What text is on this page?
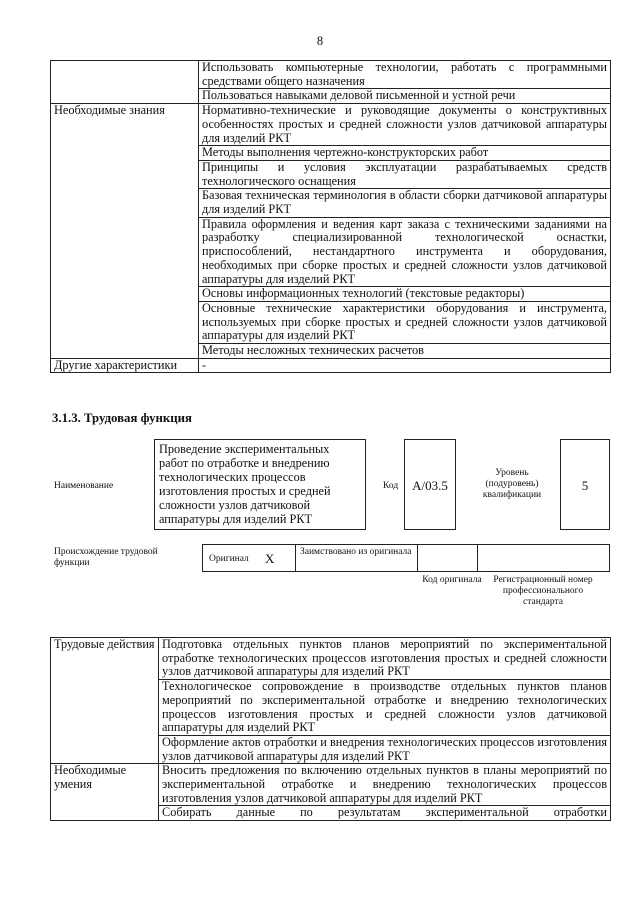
8
	Использовать компьютерные технологии, работать с программными средствами общего назначения
	Пользоваться навыками деловой письменной и устной речи
Необходимые знания	Нормативно-технические и руководящие документы о конструктивных особенностях простых и средней сложности узлов датчиковой аппаратуры для изделий РКТ
	Методы выполнения чертежно-конструкторских работ
	Принципы и условия эксплуатации разрабатываемых средств технологического оснащения
	Базовая техническая терминология в области сборки датчиковой аппаратуры для изделий РКТ
	Правила оформления и ведения карт заказа с техническими заданиями на разработку специализированной технологической оснастки, приспособлений, нестандартного инструмента и оборудования, необходимых при сборке простых и средней сложности узлов датчиковой аппаратуры для изделий РКТ
	Основы информационных технологий (текстовые редакторы)
	Основные технические характеристики оборудования и инструмента, используемых при сборке простых и средней сложности узлов датчиковой аппаратуры для изделий РКТ
	Методы несложных технических расчетов
Другие характеристики	-
3.1.3. Трудовая функция
Наименование
Проведение экспериментальных работ по отработке и внедрению технологических процессов изготовления простых и средней сложности узлов датчиковой аппаратуры для изделий РКТ
Код	А/03.5
Уровень (подуровень) квалификации
5
Происхождение трудовой функции	Оригинал X	Заимствовано из оригинала
Код оригинала	Регистрационный номер профессионального стандарта
Трудовые действия	Подготовка отдельных пунктов планов мероприятий по экспериментальной отработке технологических процессов изготовления простых и средней сложности узлов датчиковой аппаратуры для изделий РКТ
	Технологическое сопровождение в производстве отдельных пунктов планов мероприятий по экспериментальной отработке и внедрению технологических процессов изготовления простых и средней сложности узлов датчиковой аппаратуры для изделий РКТ
	Оформление актов отработки и внедрения технологических процессов изготовления узлов датчиковой аппаратуры для изделий РКТ
Необходимые умения	Вносить предложения по включению отдельных пунктов в планы мероприятий по экспериментальной отработке и внедрению технологических процессов изготовления узлов датчиковой аппаратуры для изделий РКТ
	Собирать данные по результатам экспериментальной отработки
